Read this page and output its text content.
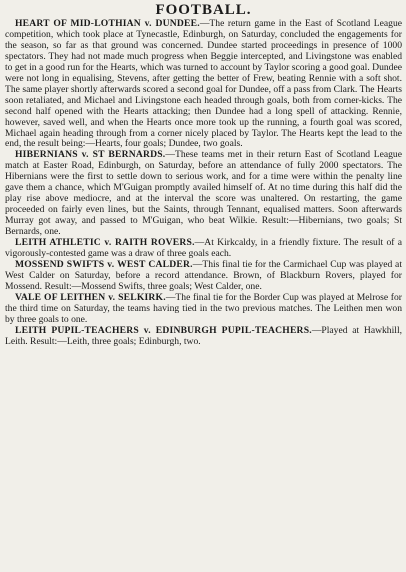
FOOTBALL.

HEART OF MID-LOTHIAN v. DUNDEE.—The return game in the East of Scotland League competition, which took place at Tynecastle, Edinburgh, on Saturday, concluded the engagements for the season, so far as that ground was concerned. Dundee started proceedings in presence of 1000 spectators. They had not made much progress when Beggie intercepted, and Livingstone was enabled to get in a good run for the Hearts, which was turned to account by Taylor scoring a good goal. Dundee were not long in equalising, Stevens, after getting the better of Frew, beating Rennie with a soft shot. The same player shortly afterwards scored a second goal for Dundee, off a pass from Clark. The Hearts soon retaliated, and Michael and Livingstone each headed through goals, both from corner-kicks. The second half opened with the Hearts attacking; then Dundee had a long spell of attacking. Rennie, however, saved well, and when the Hearts once more took up the running, a fourth goal was scored, Michael again heading through from a corner nicely placed by Taylor. The Hearts kept the lead to the end, the result being:—Hearts, four goals; Dundee, two goals.

HIBERNIANS v. ST BERNARDS.—These teams met in their return East of Scotland League match at Easter Road, Edinburgh, on Saturday, before an attendance of fully 2000 spectators. The Hibernians were the first to settle down to serious work, and for a time were within the penalty line gave them a chance, which M'Guigan promptly availed himself of. At no time during this half did the play rise above mediocre, and at the interval the score was unaltered. On restarting, the game proceeded on fairly even lines, but the Saints, through Tennant, equalised matters. Soon afterwards Murray got away, and passed to M'Guigan, who beat Wilkie. Result:—Hibernians, two goals; St Bernards, one.

LEITH ATHLETIC v. RAITH ROVERS.—At Kirkcaldy, in a friendly fixture. The result of a vigorously-contested game was a draw of three goals each.

MOSSEND SWIFTS v. WEST CALDER.—This final tie for the Carmichael Cup was played at West Calder on Saturday, before a record attendance. Brown, of Blackburn Rovers, played for Mossend. Result:—Mossend Swifts, three goals; West Calder, one.

VALE OF LEITHEN v. SELKIRK.—The final tie for the Border Cup was played at Melrose for the third time on Saturday, the teams having tied in the two previous matches. The Leithen men won by three goals to one.

LEITH PUPIL-TEACHERS v. EDINBURGH PUPIL-TEACHERS.—Played at Hawkhill, Leith. Result:—Leith, three goals; Edinburgh, two.
